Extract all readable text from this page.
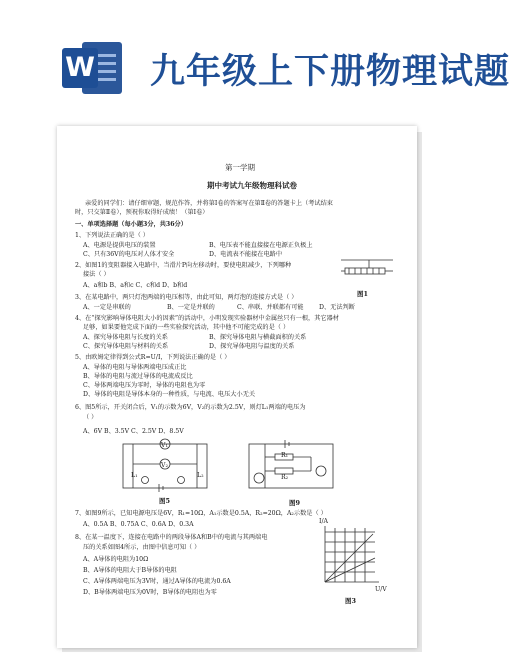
W 九年级上下册物理试题
第一学期
期中考试九年级物理科试卷
亲爱的同学们：请仔细审题，规范作答，并将第Ⅰ卷的答案写在第Ⅱ卷的答题卡上（考试结束
时，只交第Ⅱ卷），预祝你取得好成绩！（第Ⅰ卷）
一、单项选择题（每小题3分，共36分）
1、下列说法正确的是（ ）
A、电源是提供电压的装置	B、电压表不能直接接在电源正负极上
C、只有36V的电压对人体才安全	D、电流表不能接在电路中
2、如图1的变阻器接入电路中，当滑片P向左移动时，要使电阻减少，下列哪种
接法（ ）
A、a和b B、a和c C、c和d D、b和d
图1
3、在某电路中，两只灯泡两端的电压相等，由此可知，两灯泡的连接方式是（ ）
A、一定是串联的	B、一定是并联的	C、串联、并联都有可能 D、无法判断
4、在“探究影响导体电阻大小的因素”的活动中，小明发现实验器材中金属丝只有一根，其它器材
足够，如果要他完成下面的一些实验探究活动，其中他不可能完成的是（ ）
A、探究导体电阻与长度的关系	B、探究导体电阻与横截面积的关系
C、探究导体电阻与材料的关系	D、探究导体电阻与温度的关系
5、由欧姆定律得到公式R=U/I，下列说法正确的是（ ）
A、导体的电阻与导体两端电压成正比
B、导体的电阻与流过导体的电流成反比
C、导体两端电压为零时，导体的电阻也为零
D、导体的电阻是导体本身的一种性质，与电流、电压大小无关
6、图5所示，开关闭合后，V₁的示数为6V，V₂的示数为2.5V，则灯L₁两端的电压为
（ ）
A、6V B、3.5V C、2.5V D、8.5V
V₁
V₂
L₁	L₂
图5
R₁
R₂
图9
7、如图9所示，已知电源电压是6V，R₁=10Ω，A₁示数是0.5A，R₂=20Ω，A₂示数是（ ）
A、0.5A B、0.75A C、0.6A D、0.3A
8、在某一温度下，连接在电路中的两段导体A和B中的电流与其两端电
压的关系如图4所示，由图中信息可知（ ）
A、A导体的电阻为10Ω
B、A导体的电阻大于B导体的电阻
C、A导体两端电压为3V时，通过A导体的电流为0.6A
D、B导体两端电压为0V时，B导体的电阻也为零
I/A
U/V
图3
